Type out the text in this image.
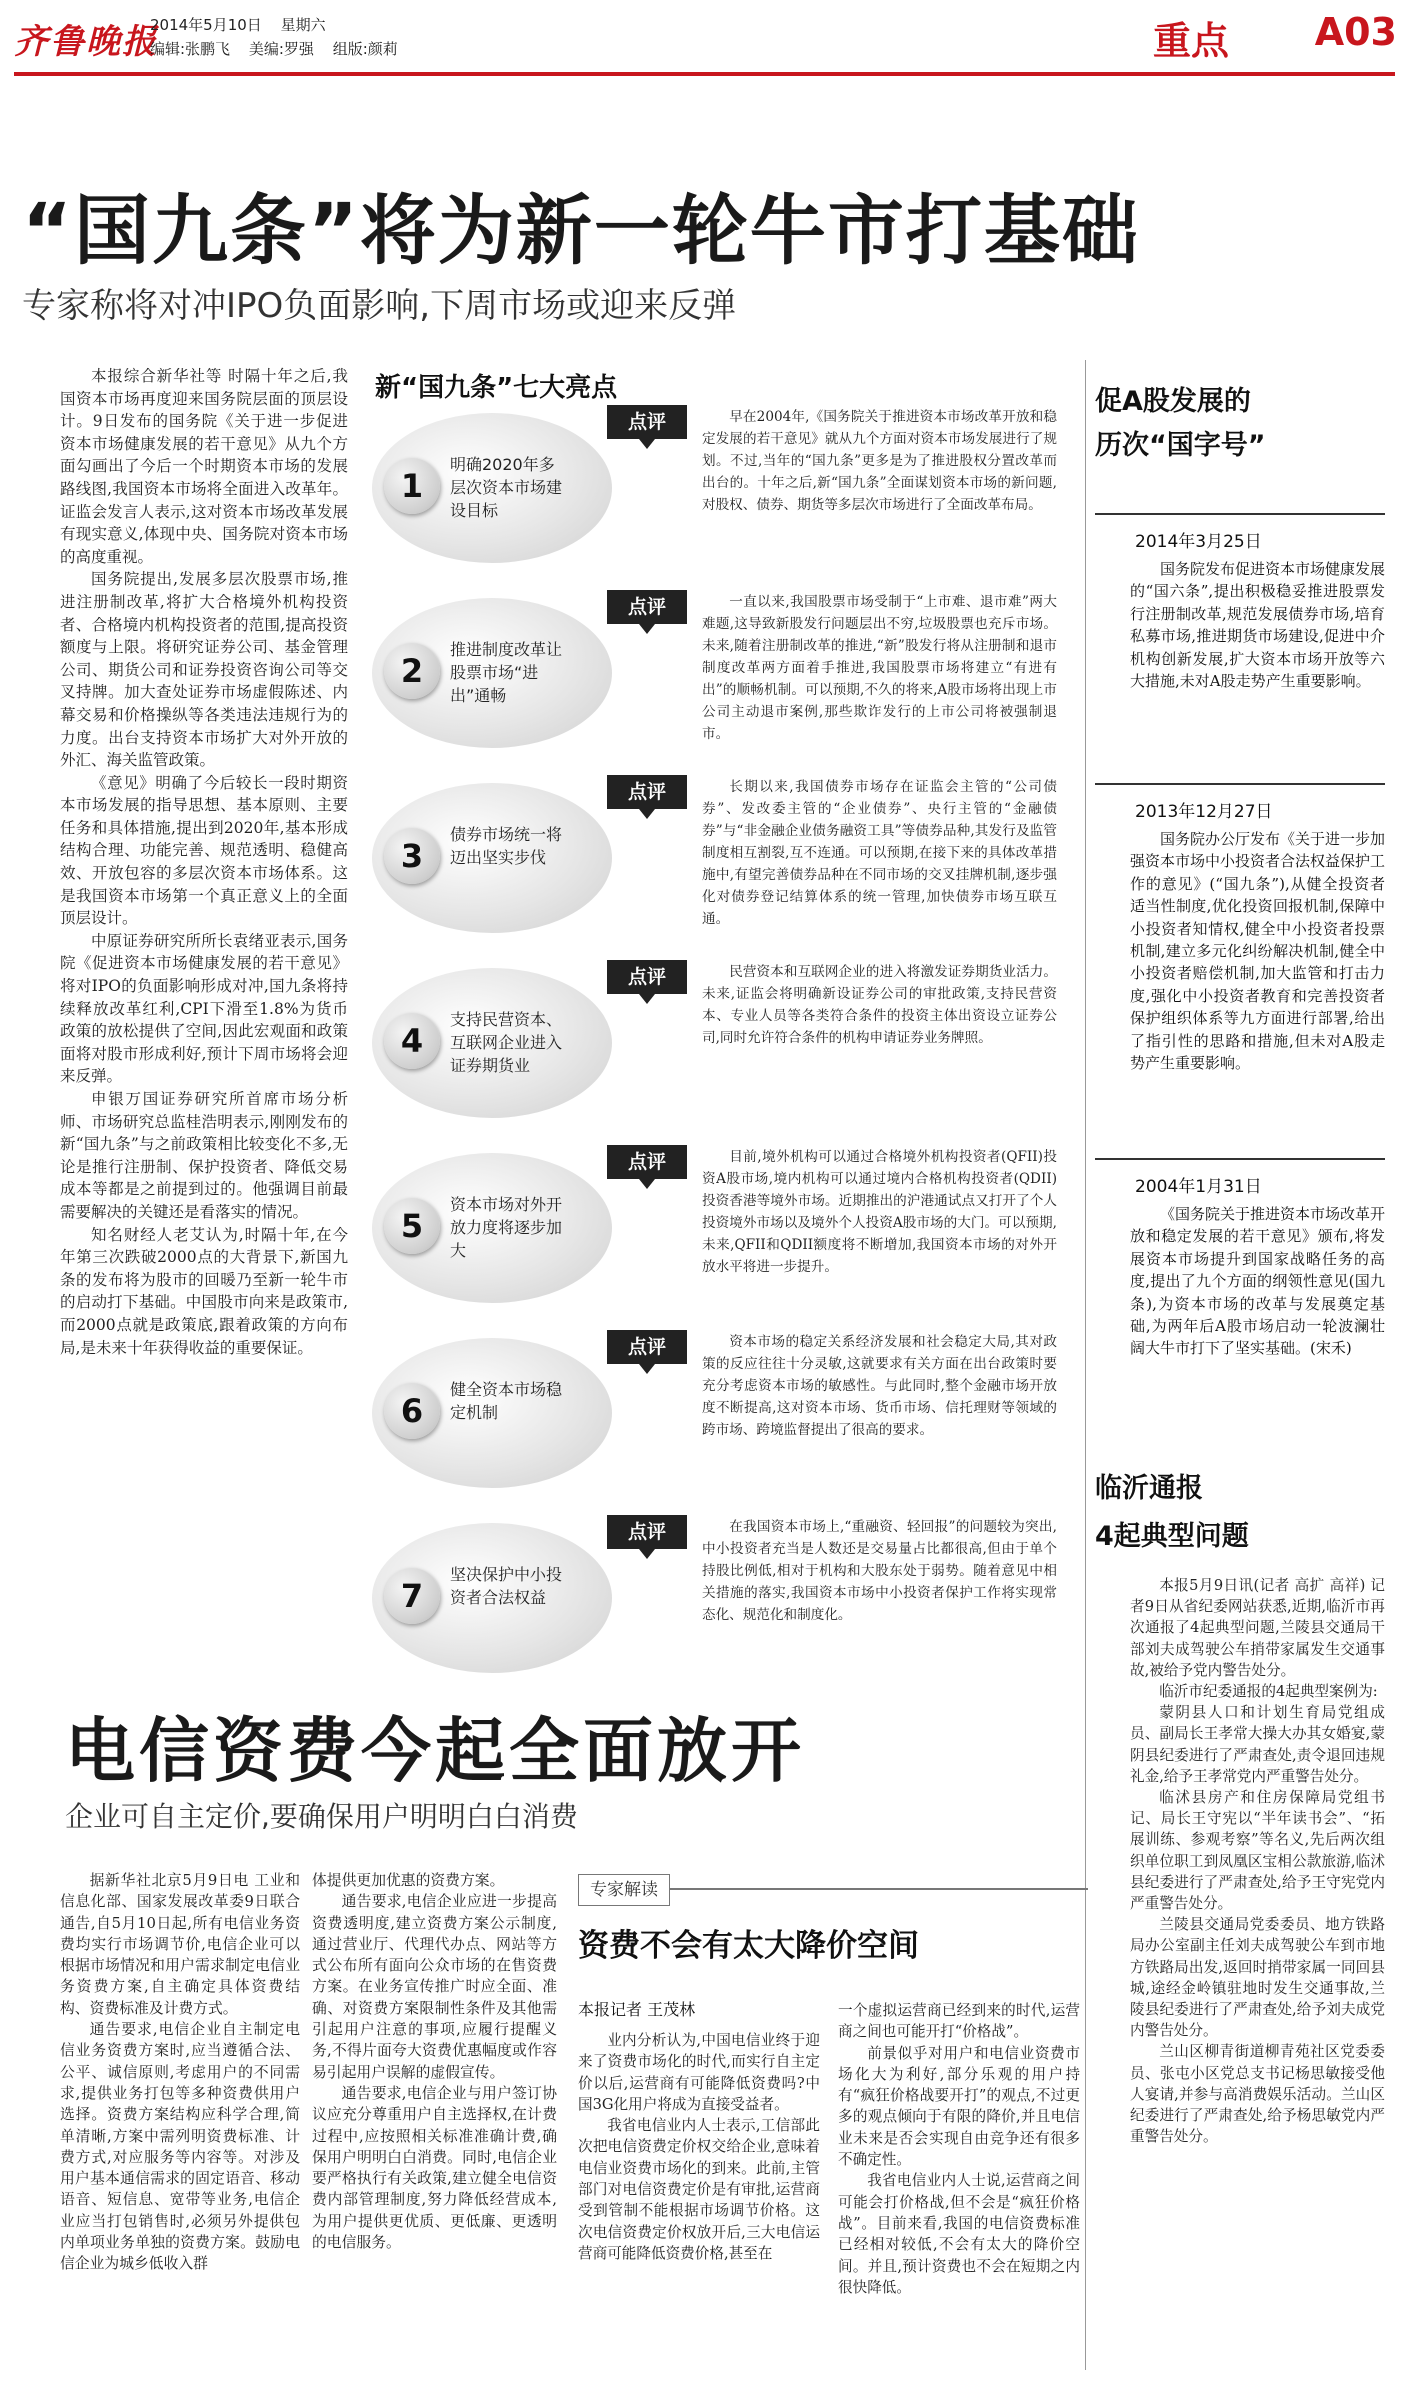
齐鲁晚报
2014年5月10日 星期六
编辑:张鹏飞 美编:罗强 组版:颜莉	重点 A03
“国九条”将为新一轮牛市打基础
专家称将对冲IPO负面影响,下周市场或迎来反弹

本报综合新华社等 时隔十年之后,我国资本市场再度迎来国务院层面的顶层设计。9日发布的国务院《关于进一步促进资本市场健康发展的若干意见》从九个方面勾画出了今后一个时期资本市场的发展路线图,我国资本市场将全面进入改革年。证监会发言人表示,这对资本市场改革发展有现实意义,体现中央、国务院对资本市场的高度重视。

国务院提出,发展多层次股票市场,推进注册制改革,将扩大合格境外机构投资者、合格境内机构投资者的范围,提高投资额度与上限。将研究证券公司、基金管理公司、期货公司和证券投资咨询公司等交叉持牌。加大查处证券市场虚假陈述、内幕交易和价格操纵等各类违法违规行为的力度。出台支持资本市场扩大对外开放的外汇、海关监管政策。

《意见》明确了今后较长一段时期资本市场发展的指导思想、基本原则、主要任务和具体措施,提出到2020年,基本形成结构合理、功能完善、规范透明、稳健高效、开放包容的多层次资本市场体系。这是我国资本市场第一个真正意义上的全面顶层设计。

中原证券研究所所长袁绪亚表示,国务院《促进资本市场健康发展的若干意见》将对IPO的负面影响形成对冲,国九条将持续释放改革红利,CPI下滑至1.8%为货币政策的放松提供了空间,因此宏观面和政策面将对股市形成利好,预计下周市场将会迎来反弹。

申银万国证券研究所首席市场分析师、市场研究总监桂浩明表示,刚刚发布的新“国九条”与之前政策相比较变化不多,无论是推行注册制、保护投资者、降低交易成本等都是之前提到过的。他强调目前最需要解决的关键还是看落实的情况。

知名财经人老艾认为,时隔十年,在今年第三次跌破2000点的大背景下,新国九条的发布将为股市的回暖乃至新一轮牛市的启动打下基础。中国股市向来是政策市,而2000点就是政策底,跟着政策的方向布局,是未来十年获得收益的重要保证。

新“国九条”七大亮点
1
明确2020年多层次资本市场建设目标
点评	早在2004年,《国务院关于推进资本市场改革开放和稳定发展的若干意见》就从九个方面对资本市场发展进行了规划。不过,当年的“国九条”更多是为了推进股权分置改革而出台的。十年之后,新“国九条”全面谋划资本市场的新问题,对股权、债券、期货等多层次市场进行了全面改革布局。

2
推进制度改革让股票市场“进出”通畅
点评	一直以来,我国股票市场受制于“上市难、退市难”两大难题,这导致新股发行问题层出不穷,垃圾股票也充斥市场。未来,随着注册制改革的推进,“新”股发行将从注册制和退市制度改革两方面着手推进,我国股票市场将建立“有进有出”的顺畅机制。可以预期,不久的将来,A股市场将出现上市公司主动退市案例,那些欺诈发行的上市公司将被强制退市。

3
债券市场统一将迈出坚实步伐
点评	长期以来,我国债券市场存在证监会主管的“公司债券”、发改委主管的“企业债券”、央行主管的“金融债券”与“非金融企业债务融资工具”等债券品种,其发行及监管制度相互割裂,互不连通。可以预期,在接下来的具体改革措施中,有望完善债券品种在不同市场的交叉挂牌机制,逐步强化对债券登记结算体系的统一管理,加快债券市场互联互通。

4
支持民营资本、互联网企业进入证券期货业
点评	民营资本和互联网企业的进入将激发证券期货业活力。未来,证监会将明确新设证券公司的审批政策,支持民营资本、专业人员等各类符合条件的投资主体出资设立证券公司,同时允许符合条件的机构申请证券业务牌照。

5
资本市场对外开放力度将逐步加大
点评	目前,境外机构可以通过合格境外机构投资者(QFII)投资A股市场,境内机构可以通过境内合格机构投资者(QDII)投资香港等境外市场。近期推出的沪港通试点又打开了个人投资境外市场以及境外个人投资A股市场的大门。可以预期,未来,QFII和QDII额度将不断增加,我国资本市场的对外开放水平将进一步提升。

6
健全资本市场稳定机制
点评	资本市场的稳定关系经济发展和社会稳定大局,其对政策的反应往往十分灵敏,这就要求有关方面在出台政策时要充分考虑资本市场的敏感性。与此同时,整个金融市场开放度不断提高,这对资本市场、货币市场、信托理财等领域的跨市场、跨境监督提出了很高的要求。

7
坚决保护中小投资者合法权益
点评	在我国资本市场上,“重融资、轻回报”的问题较为突出,中小投资者充当是人数还是交易量占比都很高,但由于单个持股比例低,相对于机构和大股东处于弱势。随着意见中相关措施的落实,我国资本市场中小投资者保护工作将实现常态化、规范化和制度化。

促A股发展的
历次“国字号”
2014年3月25日

国务院发布促进资本市场健康发展的“国六条”,提出积极稳妥推进股票发行注册制改革,规范发展债券市场,培育私募市场,推进期货市场建设,促进中介机构创新发展,扩大资本市场开放等六大措施,未对A股走势产生重要影响。

2013年12月27日

国务院办公厅发布《关于进一步加强资本市场中小投资者合法权益保护工作的意见》(“国九条”),从健全投资者适当性制度,优化投资回报机制,保障中小投资者知情权,健全中小投资者投票机制,建立多元化纠纷解决机制,健全中小投资者赔偿机制,加大监管和打击力度,强化中小投资者教育和完善投资者保护组织体系等九方面进行部署,给出了指引性的思路和措施,但未对A股走势产生重要影响。

2004年1月31日

《国务院关于推进资本市场改革开放和稳定发展的若干意见》颁布,将发展资本市场提升到国家战略任务的高度,提出了九个方面的纲领性意见(国九条),为资本市场的改革与发展奠定基础,为两年后A股市场启动一轮波澜壮阔大牛市打下了坚实基础。(宋禾)

临沂通报
4起典型问题

本报5月9日讯(记者 高扩 高祥) 记者9日从省纪委网站获悉,近期,临沂市再次通报了4起典型问题,兰陵县交通局干部刘夫成驾驶公车捎带家属发生交通事故,被给予党内警告处分。

临沂市纪委通报的4起典型案例为:

蒙阴县人口和计划生育局党组成员、副局长王孝常大操大办其女婚宴,蒙阴县纪委进行了严肃查处,责令退回违规礼金,给予王孝常党内严重警告处分。

临沭县房产和住房保障局党组书记、局长王守宪以“半年读书会”、“拓展训练、参观考察”等名义,先后两次组织单位职工到凤凰区宝相公款旅游,临沭县纪委进行了严肃查处,给予王守宪党内严重警告处分。

兰陵县交通局党委委员、地方铁路局办公室副主任刘夫成驾驶公车到市地方铁路局出发,返回时捎带家属一同回县城,途经金岭镇驻地时发生交通事故,兰陵县纪委进行了严肃查处,给予刘夫成党内警告处分。

兰山区柳青街道柳青苑社区党委委员、张屯小区党总支书记杨思敏接受他人宴请,并参与高消费娱乐活动。兰山区纪委进行了严肃查处,给予杨思敏党内严重警告处分。

电信资费今起全面放开
企业可自主定价,要确保用户明明白白消费

据新华社北京5月9日电 工业和信息化部、国家发展改革委9日联合通告,自5月10日起,所有电信业务资费均实行市场调节价,电信企业可以根据市场情况和用户需求制定电信业务资费方案,自主确定具体资费结构、资费标准及计费方式。

通告要求,电信企业自主制定电信业务资费方案时,应当遵循合法、公平、诚信原则,考虑用户的不同需求,提供业务打包等多种资费供用户选择。资费方案结构应科学合理,简单清晰,方案中需列明资费标准、计费方式,对应服务等内容等。对涉及用户基本通信需求的固定语音、移动语音、短信息、宽带等业务,电信企业应当打包销售时,必须另外提供包内单项业务单独的资费方案。鼓励电信企业为城乡低收入群

体提供更加优惠的资费方案。

通告要求,电信企业应进一步提高资费透明度,建立资费方案公示制度,通过营业厅、代理代办点、网站等方式公布所有面向公众市场的在售资费方案。在业务宣传推广时应全面、准确、对资费方案限制性条件及其他需引起用户注意的事项,应履行提醒义务,不得片面夸大资费优惠幅度或作容易引起用户误解的虚假宣传。

通告要求,电信企业与用户签订协议应充分尊重用户自主选择权,在计费过程中,应按照相关标准准确计费,确保用户明明白白消费。同时,电信企业要严格执行有关政策,建立健全电信资费内部管理制度,努力降低经营成本,为用户提供更优质、更低廉、更透明的电信服务。

专家解读
资费不会有太大降价空间
本报记者 王茂林

业内分析认为,中国电信业终于迎来了资费市场化的时代,而实行自主定价以后,运营商有可能降低资费吗?中国3G化用户将成为直接受益者。

我省电信业内人士表示,工信部此次把电信资费定价权交给企业,意味着电信业资费市场化的到来。此前,主管部门对电信资费定价是有审批,运营商受到管制不能根据市场调节价格。这次电信资费定价权放开后,三大电信运营商可能降低资费价格,甚至在

一个虚拟运营商已经到来的时代,运营商之间也可能开打“价格战”。

前景似乎对用户和电信业资费市场化大为利好,部分乐观的用户持有“疯狂价格战要开打”的观点,不过更多的观点倾向于有限的降价,并且电信业未来是否会实现自由竞争还有很多不确定性。

我省电信业内人士说,运营商之间可能会打价格战,但不会是“疯狂价格战”。目前来看,我国的电信资费标准已经相对较低,不会有太大的降价空间。并且,预计资费也不会在短期之内很快降低。
